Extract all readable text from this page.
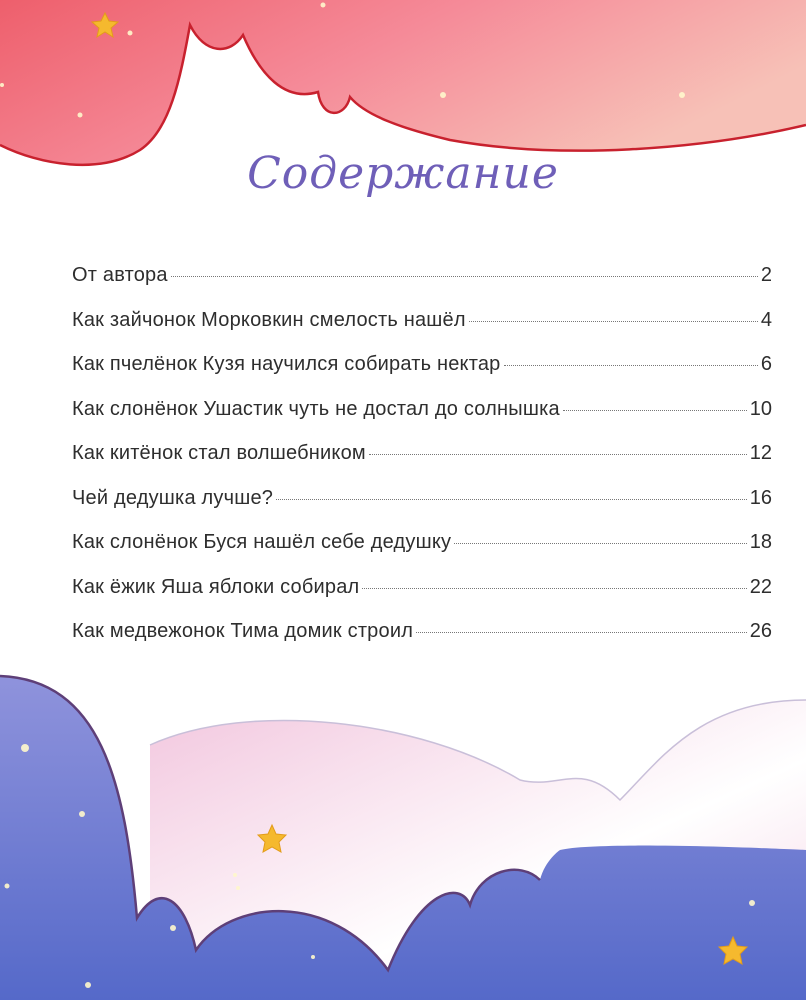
Содержание
От автора	2
Как зайчонок Морковкин смелость нашёл	4
Как пчелёнок Кузя научился собирать нектар	6
Как слонёнок Ушастик чуть не достал до солнышка	10
Как китёнок стал волшебником	12
Чей дедушка лучше?	16
Как слонёнок Буся нашёл себе дедушку	18
Как ёжик Яша яблоки собирал	22
Как медвежонок Тима домик строил	26
